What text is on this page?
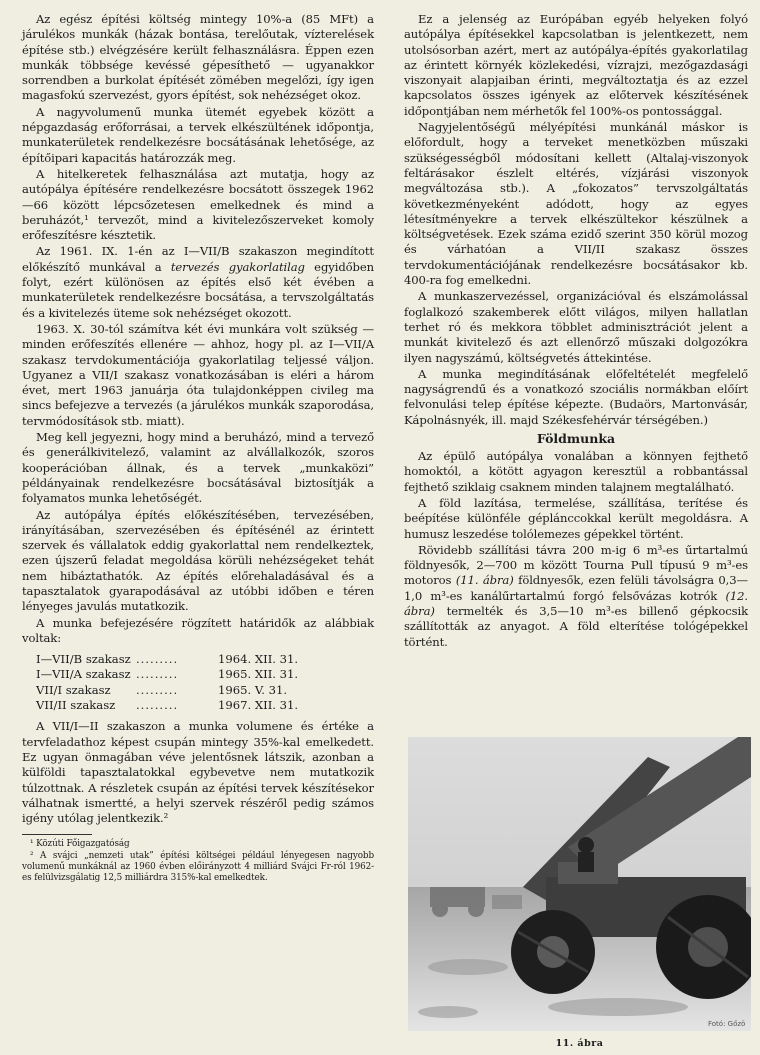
Az egész építési költség mintegy 10%-a (85 MFt) a járulékos munkák (házak bontása, terelőutak, vízterelések építése stb.) elvégzésére került felhasználásra. Éppen ezen munkák többsége kevéssé gépesíthető — ugyanakkor sorrendben a burkolat építését zömében megelőzi, így igen magasfokú szervezést, gyors építést, sok nehézséget okoz.

A nagyvolumenű munka ütemét egyebek között a népgazdaság erőforrásai, a tervek elkészültének időpontja, munkaterületek rendelkezésre bocsátásának lehetősége, az építőipari kapacitás határozzák meg.

A hitelkeretek felhasználása azt mutatja, hogy az autópálya építésére rendelkezésre bocsátott összegek 1962—66 között lépcsőzetesen emelkednek és mind a beruházót,¹ tervezőt, mind a kivitelezőszerveket komoly erőfeszítésre késztetik.

Az 1961. IX. 1-én az I—VII/B szakaszon megindított előkészítő munkával a tervezés gyakorlatilag egyidőben folyt, ezért különösen az építés első két évében a munkaterületek rendelkezésre bocsátása, a tervszolgáltatás és a kivitelezés üteme sok nehézséget okozott.

1963. X. 30-tól számítva két évi munkára volt szükség — minden erőfeszítés ellenére — ahhoz, hogy pl. az I—VII/A szakasz tervdokumentációja gyakorlatilag teljessé váljon. Ugyanez a VII/I szakasz vonatkozásában is eléri a három évet, mert 1963 januárja óta tulajdonképpen civileg ma sincs befejezve a tervezés (a járulékos munkák szaporodása, tervmódosítások stb. miatt).

Meg kell jegyezni, hogy mind a beruházó, mind a tervező és generálkivitelező, valamint az alvállalkozók, szoros kooperációban állnak, és a tervek „munkaközi” példányainak rendelkezésre bocsátásával biztosítják a folyamatos munka lehetőségét.

Az autópálya építés előkészítésében, tervezésében, irányításában, szervezésében és építésénél az érintett szervek és vállalatok eddig gyakorlattal nem rendelkeztek, ezen újszerű feladat megoldása körüli nehézségeket tehát nem hibáztathatók. Az építés előrehaladásával és a tapasztalatok gyarapodásával az utóbbi időben e téren lényeges javulás mutatkozik.

A munka befejezésére rögzített határidők az alábbiak voltak:

I—VII/B szakasz	.........	1964. XII. 31.
I—VII/A szakasz	.........	1965. XII. 31.
VII/I szakasz	.........	1965. V. 31.
VII/II szakasz	.........	1967. XII. 31.

A VII/I—II szakaszon a munka volumene és értéke a tervfeladathoz képest csupán mintegy 35%-kal emelkedett. Ez ugyan önmagában véve jelentősnek látszik, azonban a külföldi tapasztalatokkal egybevetve nem mutatkozik túlzottnak. A részletek csupán az építési tervek készítésekor válhatnak ismertté, a helyi szervek részéről pedig számos igény utólag jelentkezik.²

¹ Közúti Főigazgatóság

² A svájci „nemzeti utak” építési költségei például lényegesen nagyobb volumenű munkáknál az 1960 évben előirányzott 4 milliárd Svájci Fr-ról 1962-es felülvizsgálatig 12,5 milliárdra 315%-kal emelkedtek.

Ez a jelenség az Európában egyéb helyeken folyó autópálya építésekkel kapcsolatban is jelentkezett, nem utolsósorban azért, mert az autópálya-építés gyakorlatilag az érintett környék közlekedési, vízrajzi, mezőgazdasági viszonyait alapjaiban érinti, megváltoztatja és az ezzel kapcsolatos összes igények az előtervek készítésének időpontjában nem mérhetők fel 100%-os pontossággal.

Nagyjelentőségű mélyépítési munkánál máskor is előfordult, hogy a terveket menetközben műszaki szükségességből módosítani kellett (Altalaj-viszonyok feltárásakor észlelt eltérés, vízjárási viszonyok megváltozása stb.). A „fokozatos” tervszolgáltatás következményeként adódott, hogy az egyes létesítményekre a tervek elkészültekor készülnek a költségvetések. Ezek száma ezidő szerint 350 körül mozog és várhatóan a VII/II szakasz összes tervdokumentációjának rendelkezésre bocsátásakor kb. 400-ra fog emelkedni.

A munkaszervezéssel, organizációval és elszámolással foglalkozó szakemberek előtt világos, milyen hallatlan terhet ró és mekkora többlet adminisztrációt jelent a munkát kivitelező és azt ellenőrző műszaki dolgozókra ilyen nagyszámú, költségvetés áttekintése.

A munka megindításának előfeltételét megfelelő nagyságrendű és a vonatkozó szociális normákban előírt felvonulási telep építése képezte. (Budaörs, Martonvásár, Kápolnásnyék, ill. majd Székesfehérvár térségében.)

Földmunka

Az épülő autópálya vonalában a könnyen fejthető homoktól, a kötött agyagon keresztül a robbantással fejthető sziklaig csaknem minden talajnem megtalálható.

A föld lazítása, termelése, szállítása, terítése és beépítése különféle géplánccokkal került megoldásra. A humusz leszedése tolólemezes gépekkel történt.

Rövidebb szállítási távra 200 m-ig 6 m³-es űrtartalmú földnyesők, 2—700 m között Tourna Pull típusú 9 m³-es motoros (11. ábra) földnyesők, ezen felüli távolságra 0,3—1,0 m³-es kanálűrtartalmú forgó felsővázas kotrók (12. ábra) termelték és 3,5—10 m³-es billenő gépkocsik szállították az anyagot. A föld elterítése tológépekkel történt.

Fotó: Gőzö
11. ábra
